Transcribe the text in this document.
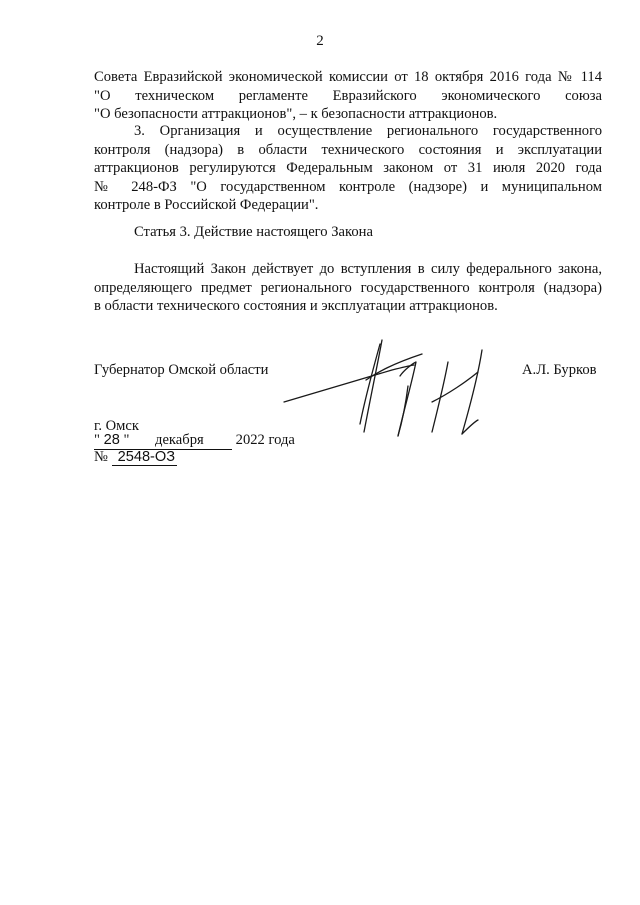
2
Совета Евразийской экономической комиссии от 18 октября 2016 года № 114
"О техническом регламенте Евразийского экономического союза
"О безопасности аттракционов", – к безопасности аттракционов.
3. Организация и осуществление регионального государственного
контроля (надзора) в области технического состояния и эксплуатации
аттракционов регулируются Федеральным законом от 31 июля 2020 года
№ 248-ФЗ "О государственном контроле (надзоре) и муниципальном
контроле в Российской Федерации".
Статья 3. Действие настоящего Закона
Настоящий Закон действует до вступления в силу федерального закона,
определяющего предмет регионального государственного контроля (надзора)
в области технического состояния и эксплуатации аттракционов.
Губернатор Омской области	А.Л. Бурков
г. Омск
" 28 " декабря 2022 года
№ 2548-ОЗ
